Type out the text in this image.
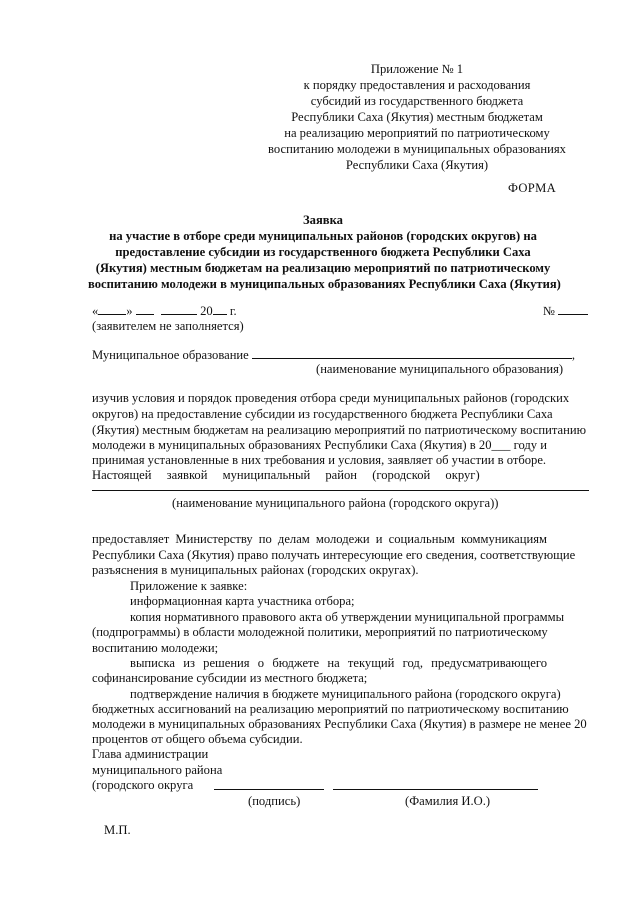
Приложение № 1
к порядку предоставления и расходования
субсидий из государственного бюджета
Республики Саха (Якутия) местным бюджетам
на реализацию мероприятий по патриотическому
воспитанию молодежи в муниципальных образованиях
Республики Саха (Якутия)
ФОРМА
Заявка
на участие в отборе среди муниципальных районов (городских округов) на
предоставление субсидии из государственного бюджета Республики Саха
(Якутия) местным бюджетам на реализацию мероприятий по патриотическому
воспитанию молодежи в муниципальных образованиях Республики Саха (Якутия)
« »	20 г.	№
(заявителем не заполняется)
Муниципальное образование	,
(наименование муниципального образования)
изучив условия и порядок проведения отбора среди муниципальных районов (городских
округов) на предоставление субсидии из государственного бюджета Республики Саха
(Якутия) местным бюджетам на реализацию мероприятий по патриотическому воспитанию
молодежи в муниципальных образованиях Республики Саха (Якутия) в 20___ году и
принимая установленные в них требования и условия, заявляет об участии в отборе.
Настоящей заявкой муниципальный район (городской округ)
(наименование муниципального района (городского округа))
предоставляет Министерству по делам молодежи и социальным коммуникациям
Республики Саха (Якутия) право получать интересующие его сведения, соответствующие
разъяснения в муниципальных районах (городских округах).
Приложение к заявке:
информационная карта участника отбора;
копия нормативного правового акта об утверждении муниципальной программы
(подпрограммы) в области молодежной политики, мероприятий по патриотическому
воспитанию молодежи;
выписка из решения о бюджете на текущий год, предусматривающего
софинансирование субсидии из местного бюджета;
подтверждение наличия в бюджете муниципального района (городского округа)
бюджетных ассигнований на реализацию мероприятий по патриотическому воспитанию
молодежи в муниципальных образованиях Республики Саха (Якутия) в размере не менее 20
процентов от общего объема субсидии.
Глава администрации
муниципального района
(городского округа
(подпись)	(Фамилия И.О.)
М.П.
